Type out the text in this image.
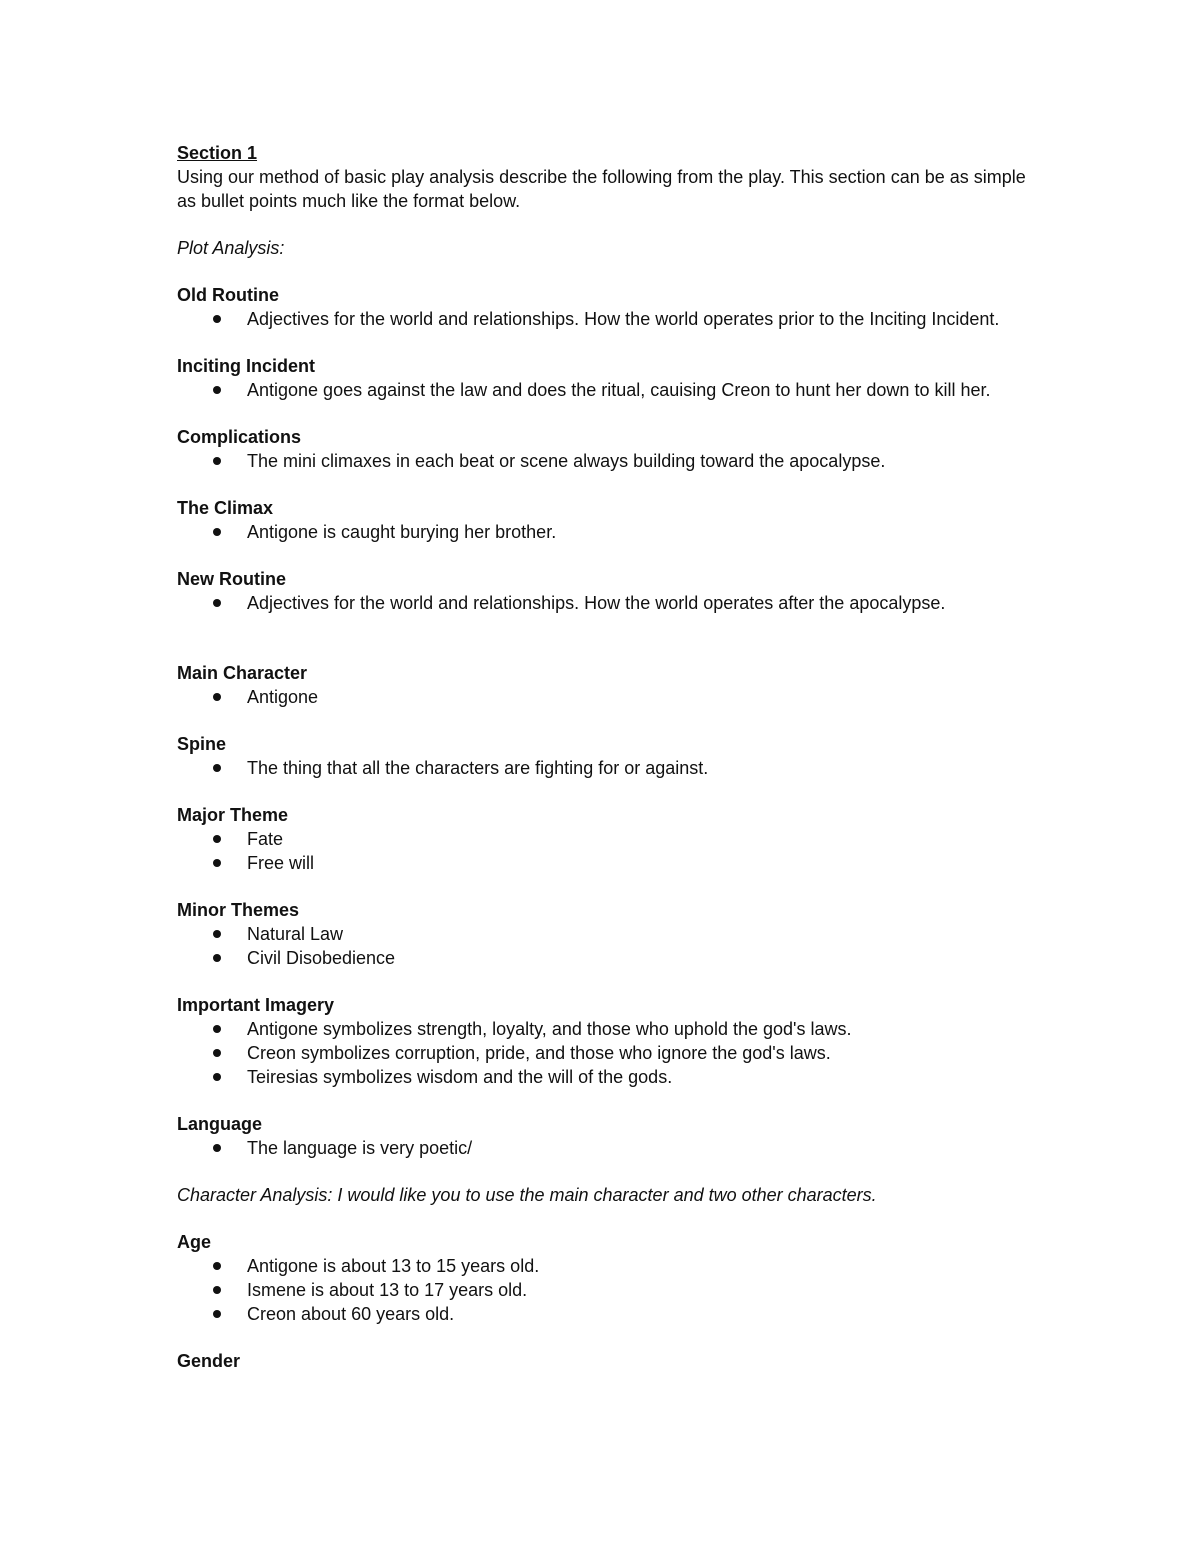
Section 1
Using our method of basic play analysis describe the following from the play. This section can be as simple as bullet points much like the format below.
Plot Analysis:
Old Routine
Adjectives for the world and relationships. How the world operates prior to the Inciting Incident.
Inciting Incident
Antigone goes against the law and does the ritual, cauising Creon to hunt her down to kill her.
Complications
The mini climaxes in each beat or scene always building toward the apocalypse.
The Climax
Antigone is caught burying her brother.
New Routine
Adjectives for the world and relationships. How the world operates after the apocalypse.
Main Character
Antigone
Spine
The thing that all the characters are fighting for or against.
Major Theme
Fate
Free will
Minor Themes
Natural Law
Civil Disobedience
Important Imagery
Antigone symbolizes strength, loyalty, and those who uphold the god's laws.
Creon symbolizes corruption, pride, and those who ignore the god's laws.
Teiresias symbolizes wisdom and the will of the gods.
Language
The language is very poetic/
Character Analysis: I would like you to use the main character and two other characters.
Age
Antigone is about 13 to 15 years old.
Ismene is about 13 to 17 years old.
Creon about 60 years old.
Gender
